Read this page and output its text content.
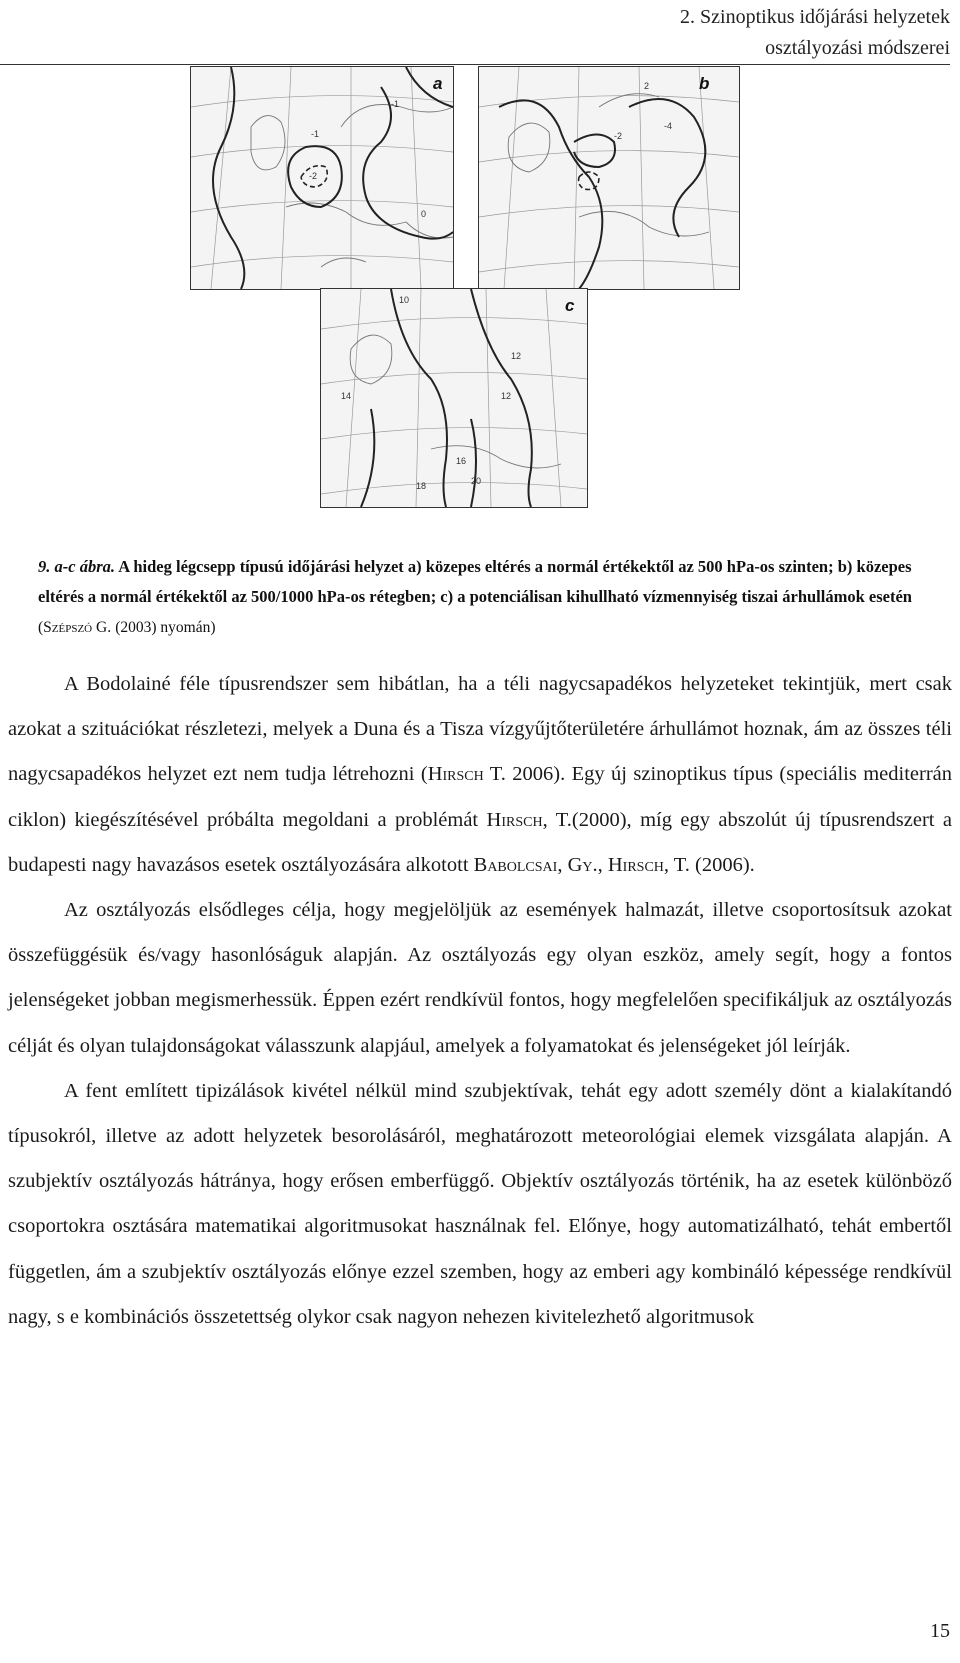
2. Szinoptikus időjárási helyzetek
osztályozási módszerei
a
0
-1
-2
-1
b
2
-2
-4
c
10
12
12
14
16
18	20
9. a-c ábra. A hideg légcsepp típusú időjárási helyzet a) közepes eltérés a normál értékektől az 500 hPa-os szinten; b) közepes eltérés a normál értékektől az 500/1000 hPa-os rétegben; c) a potenciálisan kihullható vízmennyiség tiszai árhullámok esetén (Szépszó G. (2003) nyomán)

A Bodolainé féle típusrendszer sem hibátlan, ha a téli nagycsapadékos helyzeteket tekintjük, mert csak azokat a szituációkat részletezi, melyek a Duna és a Tisza vízgyűjtőterületére árhullámot hoznak, ám az összes téli nagycsapadékos helyzet ezt nem tudja létrehozni (Hirsch T. 2006). Egy új szinoptikus típus (speciális mediterrán ciklon) kiegészítésével próbálta megoldani a problémát Hirsch, T.(2000), míg egy abszolút új típusrendszert a budapesti nagy havazásos esetek osztályozására alkotott Babolcsai, Gy., Hirsch, T. (2006).

Az osztályozás elsődleges célja, hogy megjelöljük az események halmazát, illetve csoportosítsuk azokat összefüggésük és/vagy hasonlóságuk alapján. Az osztályozás egy olyan eszköz, amely segít, hogy a fontos jelenségeket jobban megismerhessük. Éppen ezért rendkívül fontos, hogy megfelelően specifikáljuk az osztályozás célját és olyan tulajdonságokat válasszunk alapjául, amelyek a folyamatokat és jelenségeket jól leírják.

A fent említett tipizálások kivétel nélkül mind szubjektívak, tehát egy adott személy dönt a kialakítandó típusokról, illetve az adott helyzetek besorolásáról, meghatározott meteorológiai elemek vizsgálata alapján. A szubjektív osztályozás hátránya, hogy erősen emberfüggő. Objektív osztályozás történik, ha az esetek különböző csoportokra osztására matematikai algoritmusokat használnak fel. Előnye, hogy automatizálható, tehát embertől független, ám a szubjektív osztályozás előnye ezzel szemben, hogy az emberi agy kombináló képessége rendkívül nagy, s e kombinációs összetettség olykor csak nagyon nehezen kivitelezhető algoritmusok

15
